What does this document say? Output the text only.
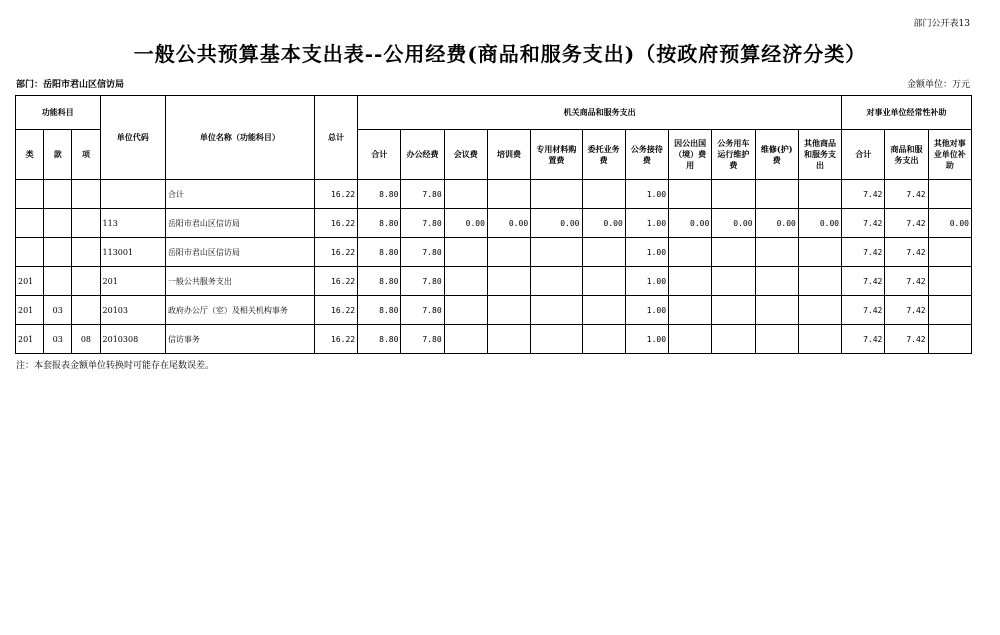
部门公开表13
一般公共预算基本支出表--公用经费(商品和服务支出)（按政府预算经济分类）
部门：岳阳市君山区信访局	金额单位：万元
功能科目			单位代码	单位名称（功能科目）	总计	机关商品和服务支出											对事业单位经常性补助		
类	款	项				合计	办公经费	会议费	培训费	专用材料购置费	委托业务费	公务接待费	因公出国（境）费用	公务用车运行维护费	维修(护)费	其他商品和服务支出	合计	商品和服务支出	其他对事业单位补助
				合计	16.22	8.80	7.80					1.00					7.42	7.42	
			113	岳阳市君山区信访局	16.22	8.80	7.80	0.00	0.00	0.00	0.00	1.00	0.00	0.00	0.00	0.00	7.42	7.42	0.00
			113001	岳阳市君山区信访局	16.22	8.80	7.80					1.00					7.42	7.42	
201			201	一般公共服务支出	16.22	8.80	7.80					1.00					7.42	7.42	
201	03		20103	政府办公厅（室）及相关机构事务	16.22	8.80	7.80					1.00					7.42	7.42	
201	03	08	2010308	信访事务	16.22	8.80	7.80					1.00					7.42	7.42	
注：本套报表金额单位转换时可能存在尾数误差。
